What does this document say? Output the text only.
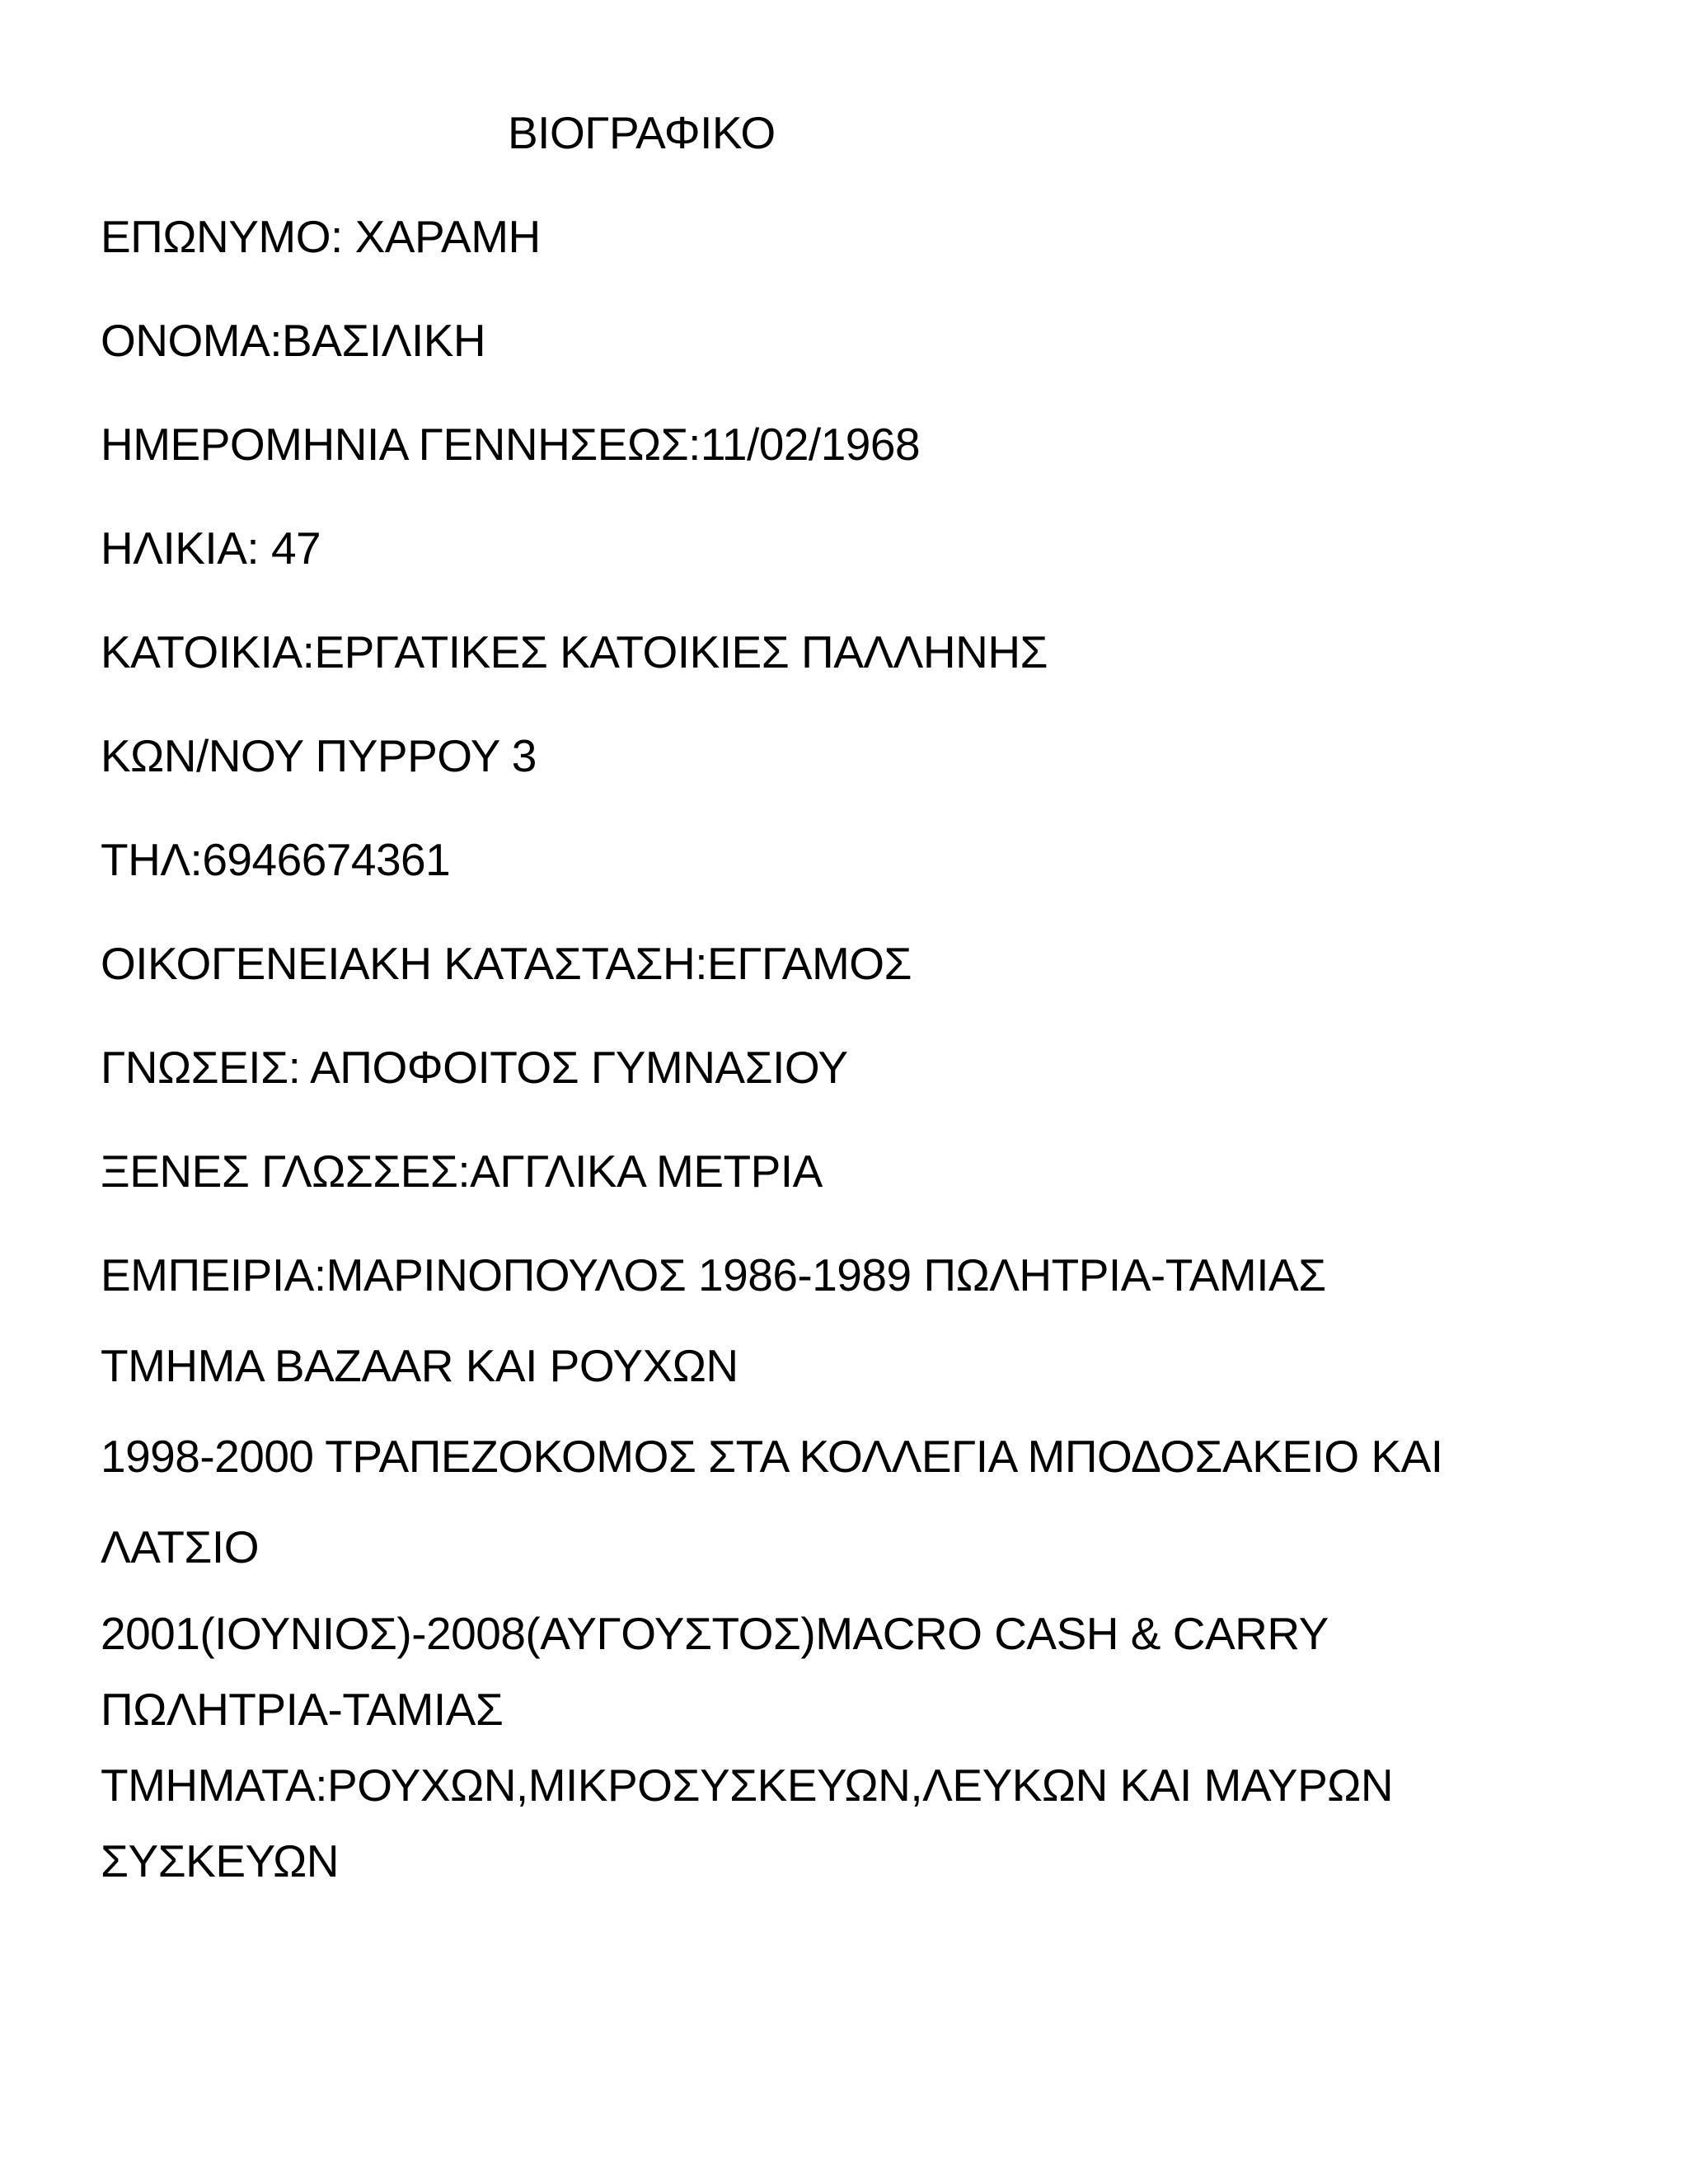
ΒΙΟΓΡΑΦΙΚΟ
ΕΠΩΝΥΜΟ: ΧΑΡΑΜΗ
ΟΝΟΜΑ:ΒΑΣΙΛΙΚΗ
ΗΜΕΡΟΜΗΝΙΑ ΓΕΝΝΗΣΕΩΣ:11/02/1968
ΗΛΙΚΙΑ: 47
ΚΑΤΟΙΚΙΑ:ΕΡΓΑΤΙΚΕΣ ΚΑΤΟΙΚΙΕΣ ΠΑΛΛΗΝΗΣ
ΚΩΝ/ΝΟΥ ΠΥΡΡΟΥ 3
ΤΗΛ:6946674361
ΟΙΚΟΓΕΝΕΙΑΚΗ ΚΑΤΑΣΤΑΣΗ:ΕΓΓΑΜΟΣ
ΓΝΩΣΕΙΣ: ΑΠΟΦΟΙΤΟΣ ΓΥΜΝΑΣΙΟΥ
ΞΕΝΕΣ ΓΛΩΣΣΕΣ:ΑΓΓΛΙΚΑ ΜΕΤΡΙΑ
ΕΜΠΕΙΡΙΑ:ΜΑΡΙΝΟΠΟΥΛΟΣ 1986-1989 ΠΩΛΗΤΡΙΑ-ΤΑΜΙΑΣ
ΤΜΗΜΑ BAZAAR ΚΑΙ ΡΟΥΧΩΝ
1998-2000 ΤΡΑΠΕΖΟΚΟΜΟΣ ΣΤΑ ΚΟΛΛΕΓΙΑ ΜΠΟΔΟΣΑΚΕΙΟ ΚΑΙ
ΛΑΤΣΙΟ
2001(ΙΟΥΝΙΟΣ)-2008(ΑΥΓΟΥΣΤΟΣ)MACRO CASH & CARRY
ΠΩΛΗΤΡΙΑ-ΤΑΜΙΑΣ
ΤΜΗΜΑΤΑ:ΡΟΥΧΩΝ,ΜΙΚΡΟΣΥΣΚΕΥΩΝ,ΛΕΥΚΩΝ ΚΑΙ ΜΑΥΡΩΝ
ΣΥΣΚΕΥΩΝ
